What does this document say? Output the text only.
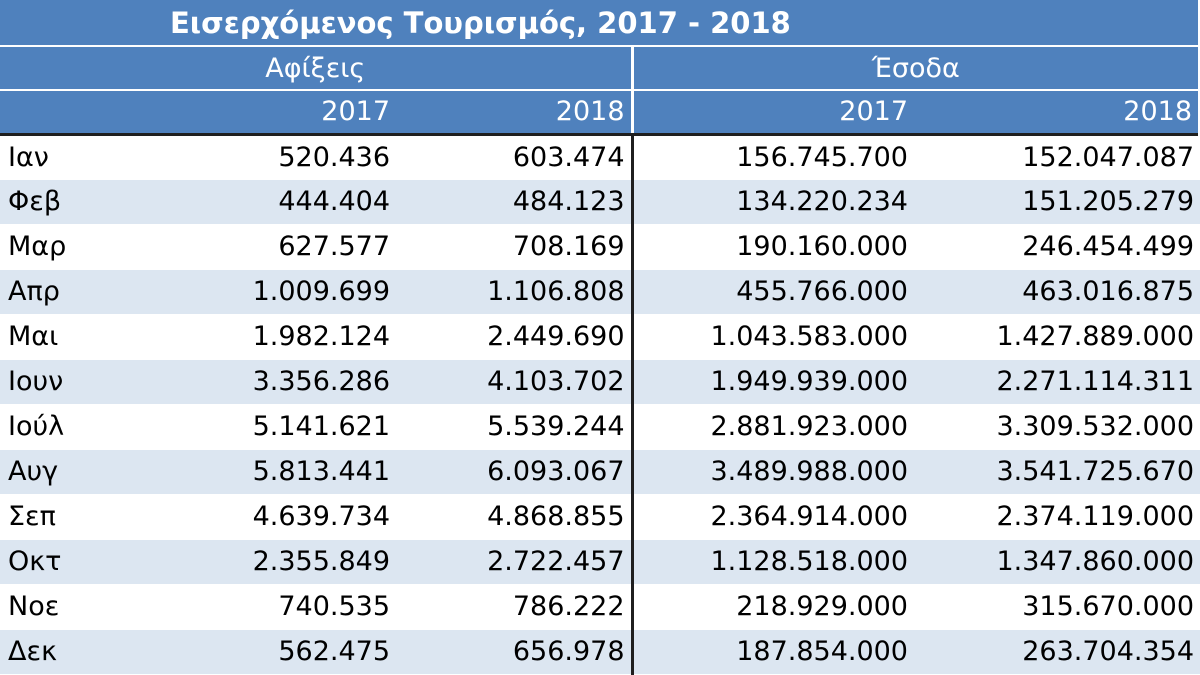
Εισερχόμενος Τουρισμός, 2017 - 2018				
Αφίξεις			Έσοδα	
	2017	2018	2017	2018
Ιαν	520.436	603.474	156.745.700	152.047.087
Φεβ	444.404	484.123	134.220.234	151.205.279
Μαρ	627.577	708.169	190.160.000	246.454.499
Απρ	1.009.699	1.106.808	455.766.000	463.016.875
Μαι	1.982.124	2.449.690	1.043.583.000	1.427.889.000
Ιουν	3.356.286	4.103.702	1.949.939.000	2.271.114.311
Ιούλ	5.141.621	5.539.244	2.881.923.000	3.309.532.000
Αυγ	5.813.441	6.093.067	3.489.988.000	3.541.725.670
Σεπ	4.639.734	4.868.855	2.364.914.000	2.374.119.000
Οκτ	2.355.849	2.722.457	1.128.518.000	1.347.860.000
Νοε	740.535	786.222	218.929.000	315.670.000
Δεκ	562.475	656.978	187.854.000	263.704.354
